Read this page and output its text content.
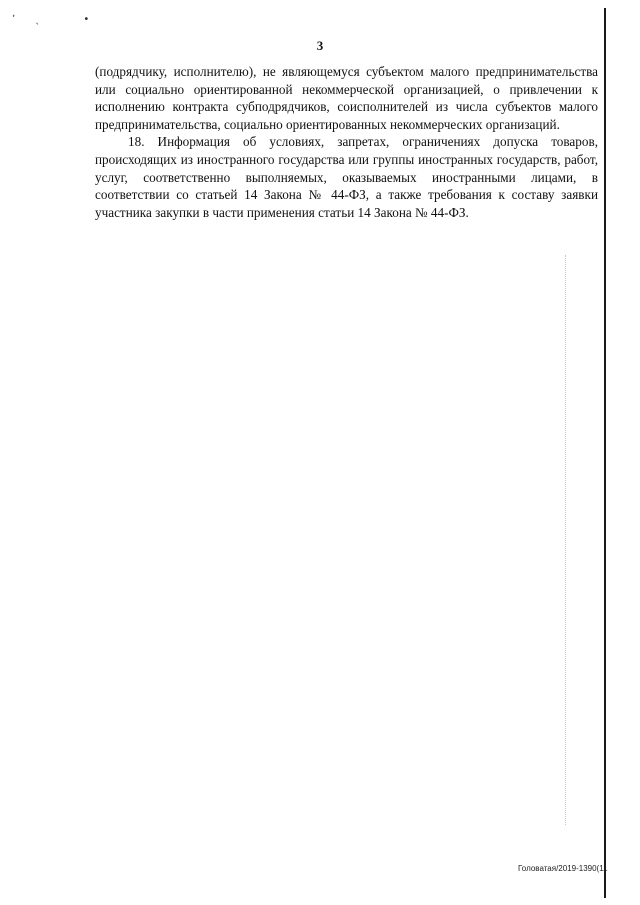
ʼˎ •
3

(подрядчику, исполнителю), не являющемуся субъектом малого предпринимательства или социально ориентированной некоммерческой организацией, о привлечении к исполнению контракта субподрядчиков, соисполнителей из числа субъектов малого предпринимательства, социально ориентированных некоммерческих организаций.

18. Информация об условиях, запретах, ограничениях допуска товаров, происходящих из иностранного государства или группы иностранных государств, работ, услуг, соответственно выполняемых, оказываемых иностранными лицами, в соответствии со статьей 14 Закона № 44-ФЗ, а также требования к составу заявки участника закупки в части применения статьи 14 Закона № 44-ФЗ.

Головатая/2019-1390(11
